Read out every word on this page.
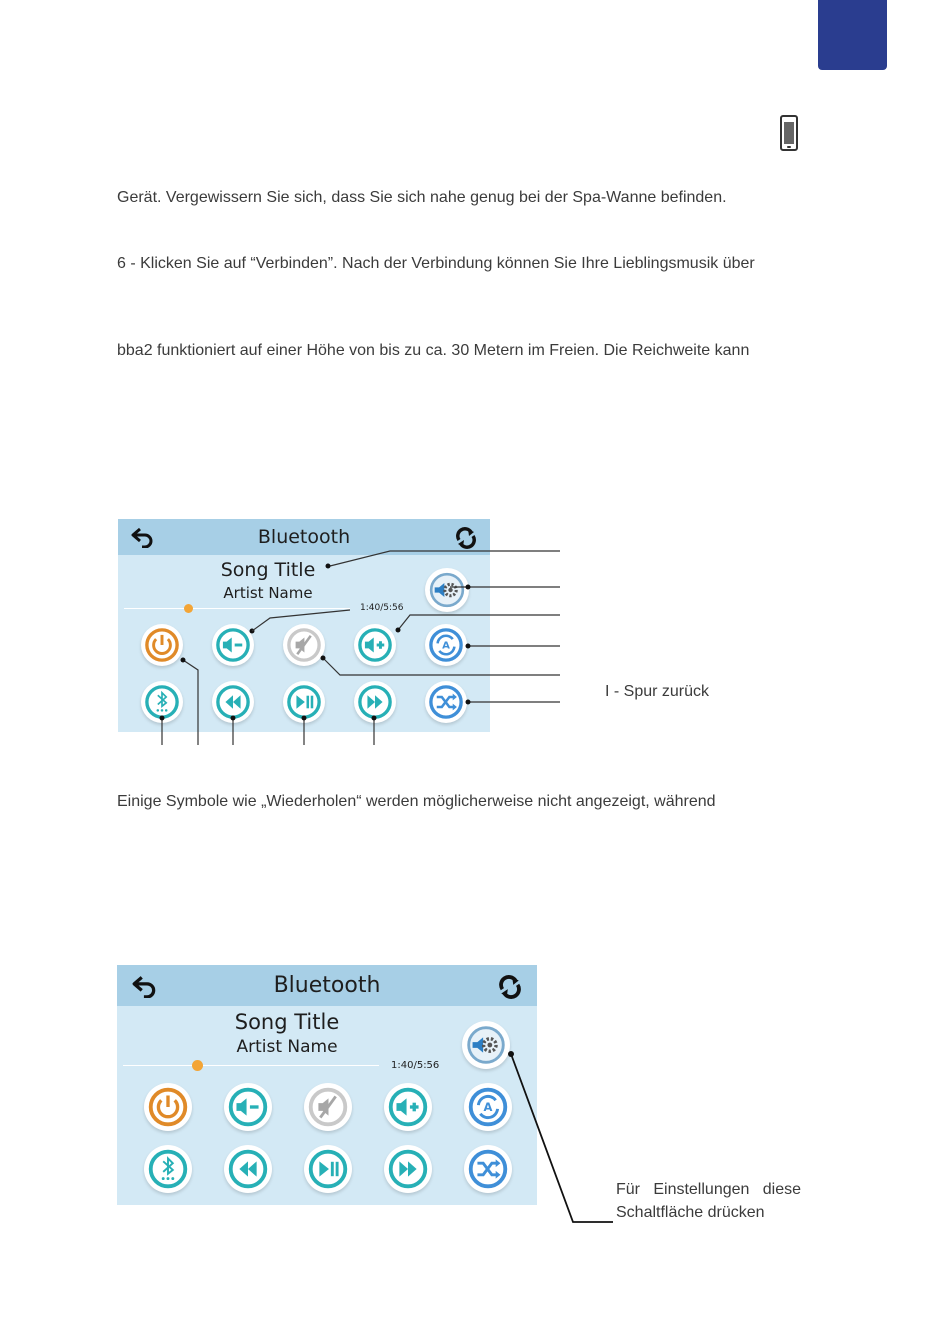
Gerät. Vergewissern Sie sich, dass Sie sich nahe genug bei der Spa-Wanne befinden.
6 - Klicken Sie auf “Verbinden”. Nach der Verbindung können Sie Ihre Lieblingsmusik über
bba2 funktioniert auf einer Höhe von bis zu ca. 30 Metern im Freien. Die Reichweite kann
Einige Symbole wie „Wiederholen“ werden möglicherweise nicht angezeigt, während
Bluetooth
Song Title
Artist Name
1:40/5:56
A
I - Spur zurück
Bluetooth
Song Title
Artist Name
1:40/5:56
A
Für   Einstellungen   diese
Schaltfläche drücken
